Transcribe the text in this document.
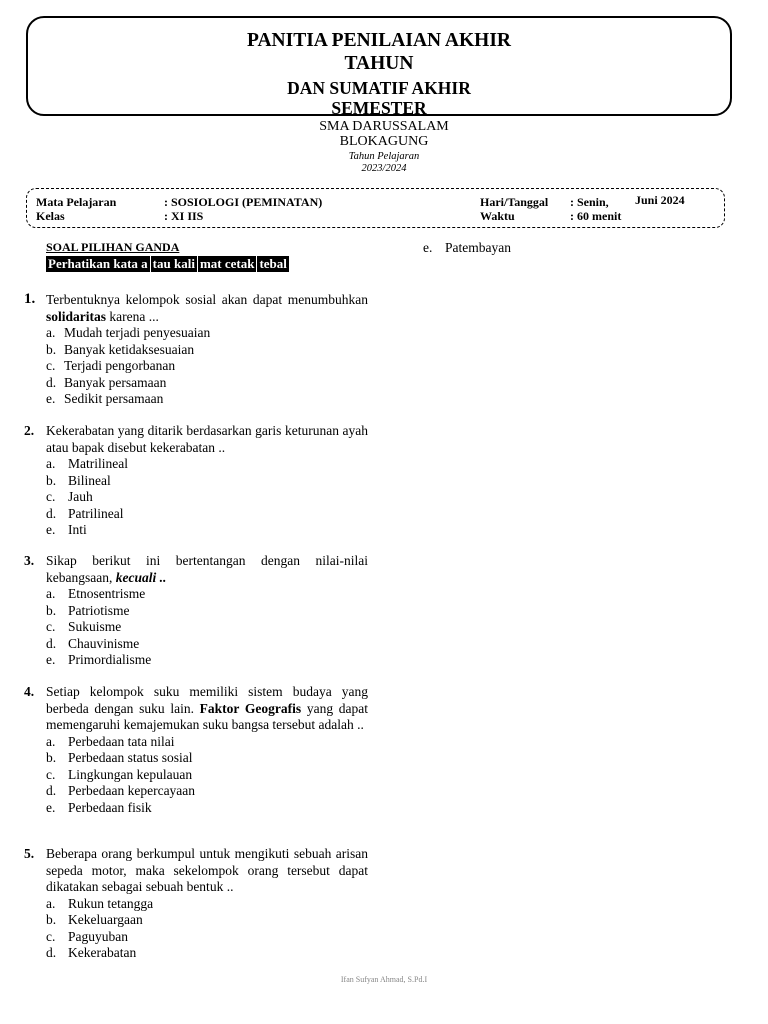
PANITIA PENILAIAN AKHIR
TAHUN
DAN SUMATIF AKHIR
SEMESTER
SMA DARUSSALAM
BLOKAGUNG
Tahun Pelajaran
2023/2024
Mata Pelajaran	: SOSIOLOGI (PEMINATAN)
Kelas	: XI IIS
Hari/Tanggal : Senin, Juni 2024
Waktu	: 60 menit
SOAL PILIHAN GANDA
Perhatikan kata a tau kali mat cetak tebal
1. Terbentuknya kelompok sosial akan dapat menumbuhkan solidaritas karena ...
a. Mudah terjadi penyesuaian
b. Banyak ketidaksesuaian
c. Terjadi pengorbanan
d. Banyak persamaan
e. Sedikit persamaan
2. Kekerabatan yang ditarik berdasarkan garis keturunan ayah atau bapak disebut kekerabatan ..
a. Matrilineal
b. Bilineal
c. Jauh
d. Patrilineal
e. Inti
3. Sikap berikut ini bertentangan dengan nilai-nilai kebangsaan, kecuali ..
a. Etnosentrisme
b. Patriotisme
c. Sukuisme
d. Chauvinisme
e. Primordialisme
4. Setiap kelompok suku memiliki sistem budaya yang berbeda dengan suku lain. Faktor Geografis yang dapat memengaruhi kemajemukan suku bangsa tersebut adalah ..
a. Perbedaan tata nilai
b. Perbedaan status sosial
c. Lingkungan kepulauan
d. Perbedaan kepercayaan
e. Perbedaan fisik
5. Beberapa orang berkumpul untuk mengikuti sebuah arisan sepeda motor, maka sekelompok orang tersebut dapat dikatakan sebagai sebuah bentuk ..
a. Rukun tetangga
b. Kekeluargaan
c. Paguyuban
d. Kekerabatan
e. Patembayan
Ifan Sufyan Ahmad, S.Pd.I
